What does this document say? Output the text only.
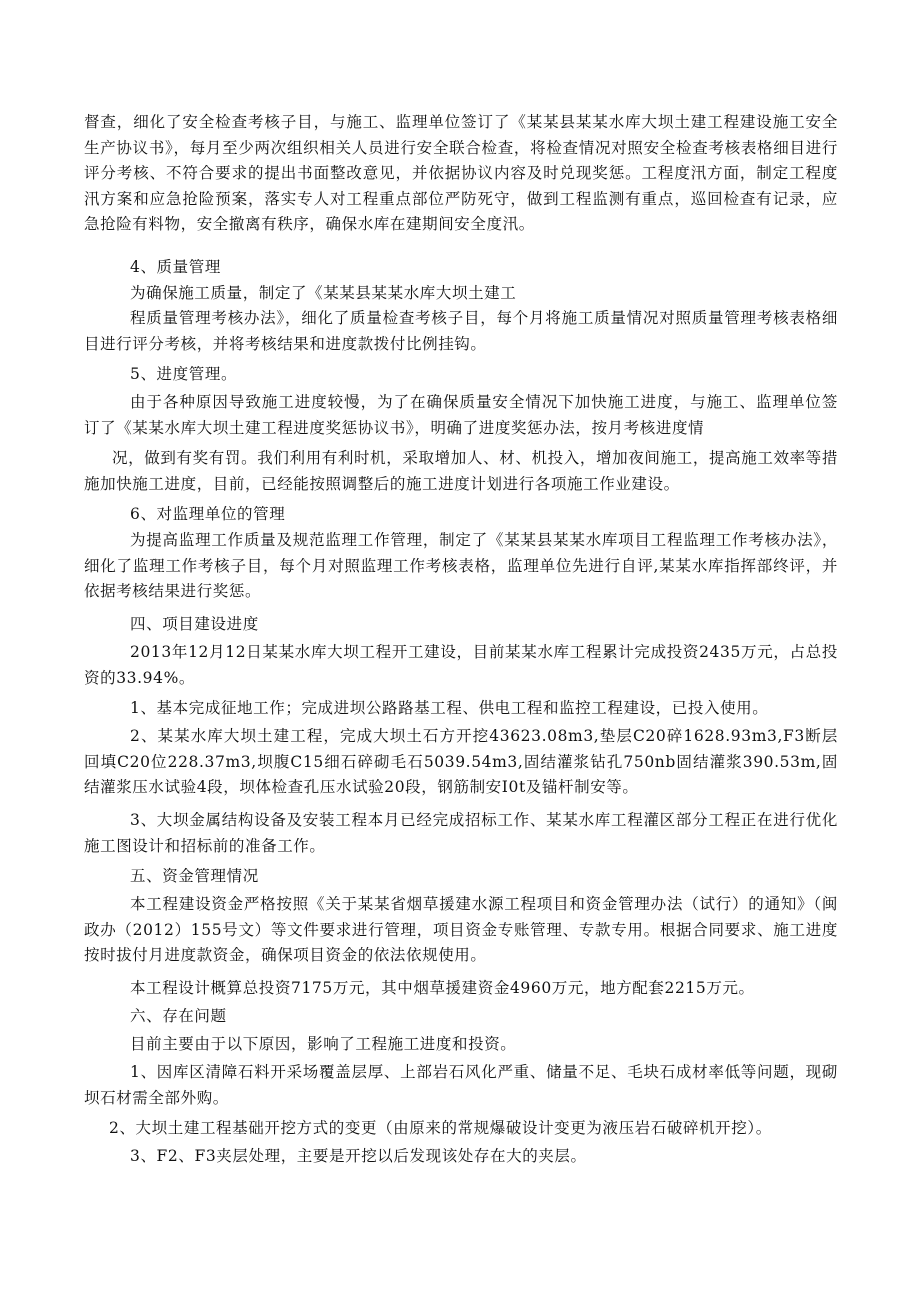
督查，细化了安全检查考核子目，与施工、监理单位签订了《某某县某某水库大坝土建工程建设施工安全生产协议书》，每月至少两次组织相关人员进行安全联合检查，将检查情况对照安全检查考核表格细目进行评分考核、不符合要求的提出书面整改意见，并依据协议内容及时兑现奖惩。工程度汛方面，制定工程度汛方案和应急抢险预案，落实专人对工程重点部位严防死守，做到工程监测有重点，巡回检查有记录，应急抢险有料物，安全撤离有秩序，确保水库在建期间安全度汛。

4、质量管理

为确保施工质量，制定了《某某县某某水库大坝土建工

程质量管理考核办法》，细化了质量检查考核子目，每个月将施工质量情况对照质量管理考核表格细目进行评分考核，并将考核结果和进度款拨付比例挂钩。

5、进度管理。

由于各种原因导致施工进度较慢，为了在确保质量安全情况下加快施工进度，与施工、监理单位签订了《某某水库大坝土建工程进度奖惩协议书》，明确了进度奖惩办法，按月考核进度情

况，做到有奖有罚。我们利用有利时机，采取增加人、材、机投入，增加夜间施工，提高施工效率等措施加快施工进度，目前，已经能按照调整后的施工进度计划进行各项施工作业建设。

6、对监理单位的管理

为提高监理工作质量及规范监理工作管理，制定了《某某县某某水库项目工程监理工作考核办法》，细化了监理工作考核子目，每个月对照监理工作考核表格，监理单位先进行自评,某某水库指挥部终评，并依据考核结果进行奖惩。

四、项目建设进度

2013年12月12日某某水库大坝工程开工建设，目前某某水库工程累计完成投资2435万元，占总投资的33.94%。

1、基本完成征地工作；完成进坝公路路基工程、供电工程和监控工程建设，已投入使用。

2、某某水库大坝土建工程，完成大坝土石方开挖43623.08m3,垫层C20碎1628.93m3,F3断层回填C20位228.37m3,坝腹C15细石碎砌毛石5039.54m3,固结灌浆钻孔750nb固结灌浆390.53m,固结灌浆压水试验4段，坝体检查孔压水试验20段，钢筋制安I0t及锚杆制安等。

3、大坝金属结构设备及安装工程本月已经完成招标工作、某某水库工程灌区部分工程正在进行优化施工图设计和招标前的准备工作。

五、资金管理情况

本工程建设资金严格按照《关于某某省烟草援建水源工程项目和资金管理办法（试行）的通知》（闽政办（2012）155号文）等文件要求进行管理，项目资金专账管理、专款专用。根据合同要求、施工进度按时拔付月进度款资金，确保项目资金的依法依规使用。

本工程设计概算总投资7175万元，其中烟草援建资金4960万元，地方配套2215万元。

六、存在问题

目前主要由于以下原因，影响了工程施工进度和投资。

1、因库区清障石料开采场覆盖层厚、上部岩石风化严重、储量不足、毛块石成材率低等问题，现砌坝石材需全部外购。

2、大坝土建工程基础开挖方式的变更（由原来的常规爆破设计变更为液压岩石破碎机开挖）。

3、F2、F3夹层处理，主要是开挖以后发现该处存在大的夹层。
